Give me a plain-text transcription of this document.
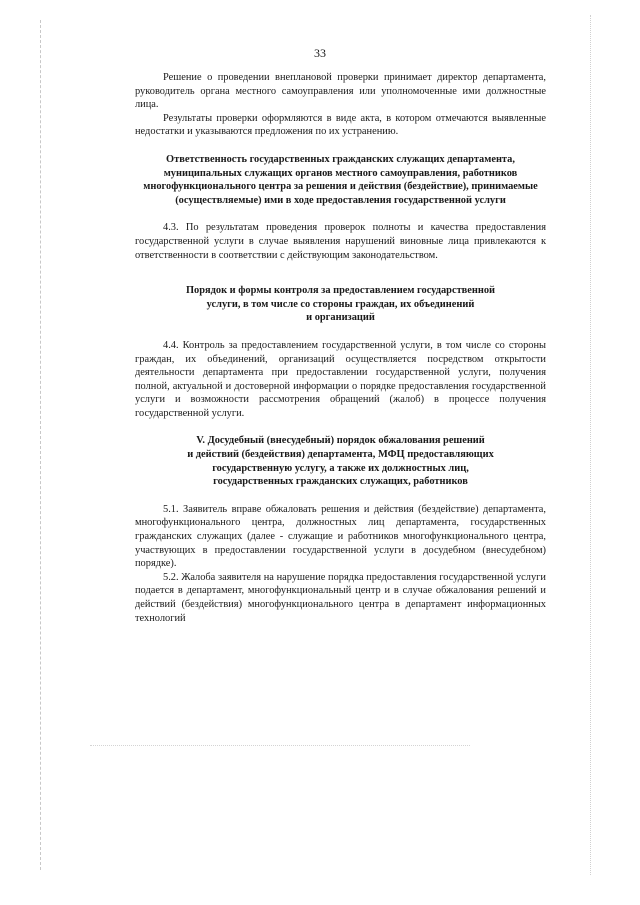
33

Решение о проведении внеплановой проверки принимает директор департамента, руководитель органа местного самоуправления или уполномоченные ими должностные лица.

Результаты проверки оформляются в виде акта, в котором отмечаются выявленные недостатки и указываются предложения по их устранению.

Ответственность государственных гражданских служащих департамента, муниципальных служащих органов местного самоуправления, работников многофункционального центра за решения и действия (бездействие), принимаемые (осуществляемые) ими в ходе предоставления государственной услуги

4.3. По результатам проведения проверок полноты и качества предоставления государственной услуги в случае выявления нарушений виновные лица привлекаются к ответственности в соответствии с действующим законодательством.

Порядок и формы контроля за предоставлением государственной

услуги, в том числе со стороны граждан, их объединений

и организаций

4.4. Контроль за предоставлением государственной услуги, в том числе со стороны граждан, их объединений, организаций осуществляется посредством открытости деятельности департамента при предоставлении государственной услуги, получения полной, актуальной и достоверной информации о порядке предоставления государственной услуги и возможности рассмотрения обращений (жалоб) в процессе получения государственной услуги.

V. Досудебный (внесудебный) порядок обжалования решений

и действий (бездействия) департамента, МФЦ предоставляющих

государственную услугу, а также их должностных лиц,

государственных гражданских служащих, работников

5.1. Заявитель вправе обжаловать решения и действия (бездействие) департамента, многофункционального центра, должностных лиц департамента, государственных гражданских служащих (далее - служащие и работников многофункционального центра, участвующих в предоставлении государственной услуги в досудебном (внесудебном) порядке).

5.2. Жалоба заявителя на нарушение порядка предоставления государственной услуги подается в департамент, многофункциональный центр и в случае обжалования решений и действий (бездействия) многофункционального центра в департамент информационных технологий
